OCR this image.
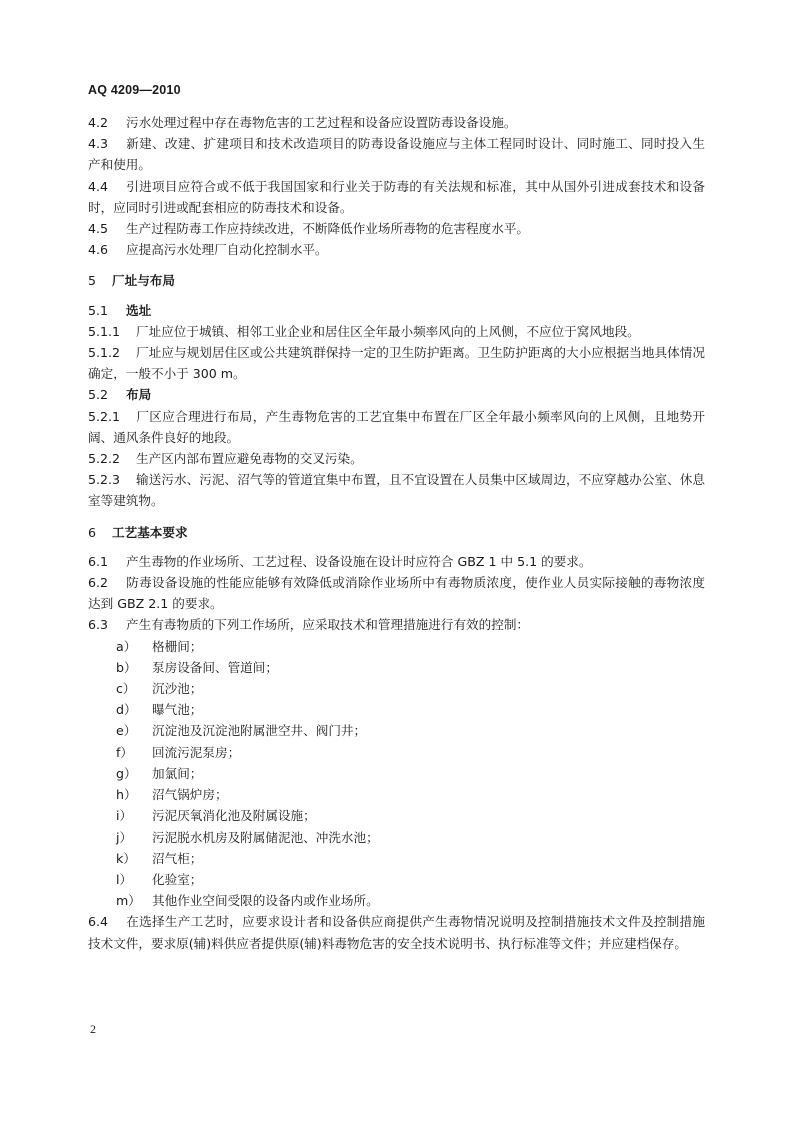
AQ 4209—2010

4.2 污水处理过程中存在毒物危害的工艺过程和设备应设置防毒设备设施。

4.3 新建、改建、扩建项目和技术改造项目的防毒设备设施应与主体工程同时设计、同时施工、同时投入生产和使用。

4.4 引进项目应符合或不低于我国国家和行业关于防毒的有关法规和标准，其中从国外引进成套技术和设备时，应同时引进或配套相应的防毒技术和设备。

4.5 生产过程防毒工作应持续改进，不断降低作业场所毒物的危害程度水平。

4.6 应提高污水处理厂自动化控制水平。

5 厂址与布局

5.1 选址

5.1.1 厂址应位于城镇、相邻工业企业和居住区全年最小频率风向的上风侧，不应位于窝风地段。

5.1.2 厂址应与规划居住区或公共建筑群保持一定的卫生防护距离。卫生防护距离的大小应根据当地具体情况确定，一般不小于 300 m。

5.2 布局

5.2.1 厂区应合理进行布局，产生毒物危害的工艺宜集中布置在厂区全年最小频率风向的上风侧，且地势开阔、通风条件良好的地段。

5.2.2 生产区内部布置应避免毒物的交叉污染。

5.2.3 输送污水、污泥、沼气等的管道宜集中布置，且不宜设置在人员集中区域周边，不应穿越办公室、休息室等建筑物。

6 工艺基本要求

6.1 产生毒物的作业场所、工艺过程、设备设施在设计时应符合 GBZ 1 中 5.1 的要求。

6.2 防毒设备设施的性能应能够有效降低或消除作业场所中有毒物质浓度，使作业人员实际接触的毒物浓度达到 GBZ 2.1 的要求。

6.3 产生有毒物质的下列工作场所，应采取技术和管理措施进行有效的控制：

a） 格栅间；

b） 泵房设备间、管道间；

c） 沉沙池；

d） 曝气池；

e） 沉淀池及沉淀池附属泄空井、阀门井；

f） 回流污泥泵房；

g） 加氯间；

h） 沼气锅炉房；

i） 污泥厌氧消化池及附属设施；

j） 污泥脱水机房及附属储泥池、冲洗水池；

k） 沼气柜；

l） 化验室；

m） 其他作业空间受限的设备内或作业场所。

6.4 在选择生产工艺时，应要求设计者和设备供应商提供产生毒物情况说明及控制措施技术文件及控制措施技术文件，要求原(辅)料供应者提供原(辅)料毒物危害的安全技术说明书、执行标准等文件；并应建档保存。

2
